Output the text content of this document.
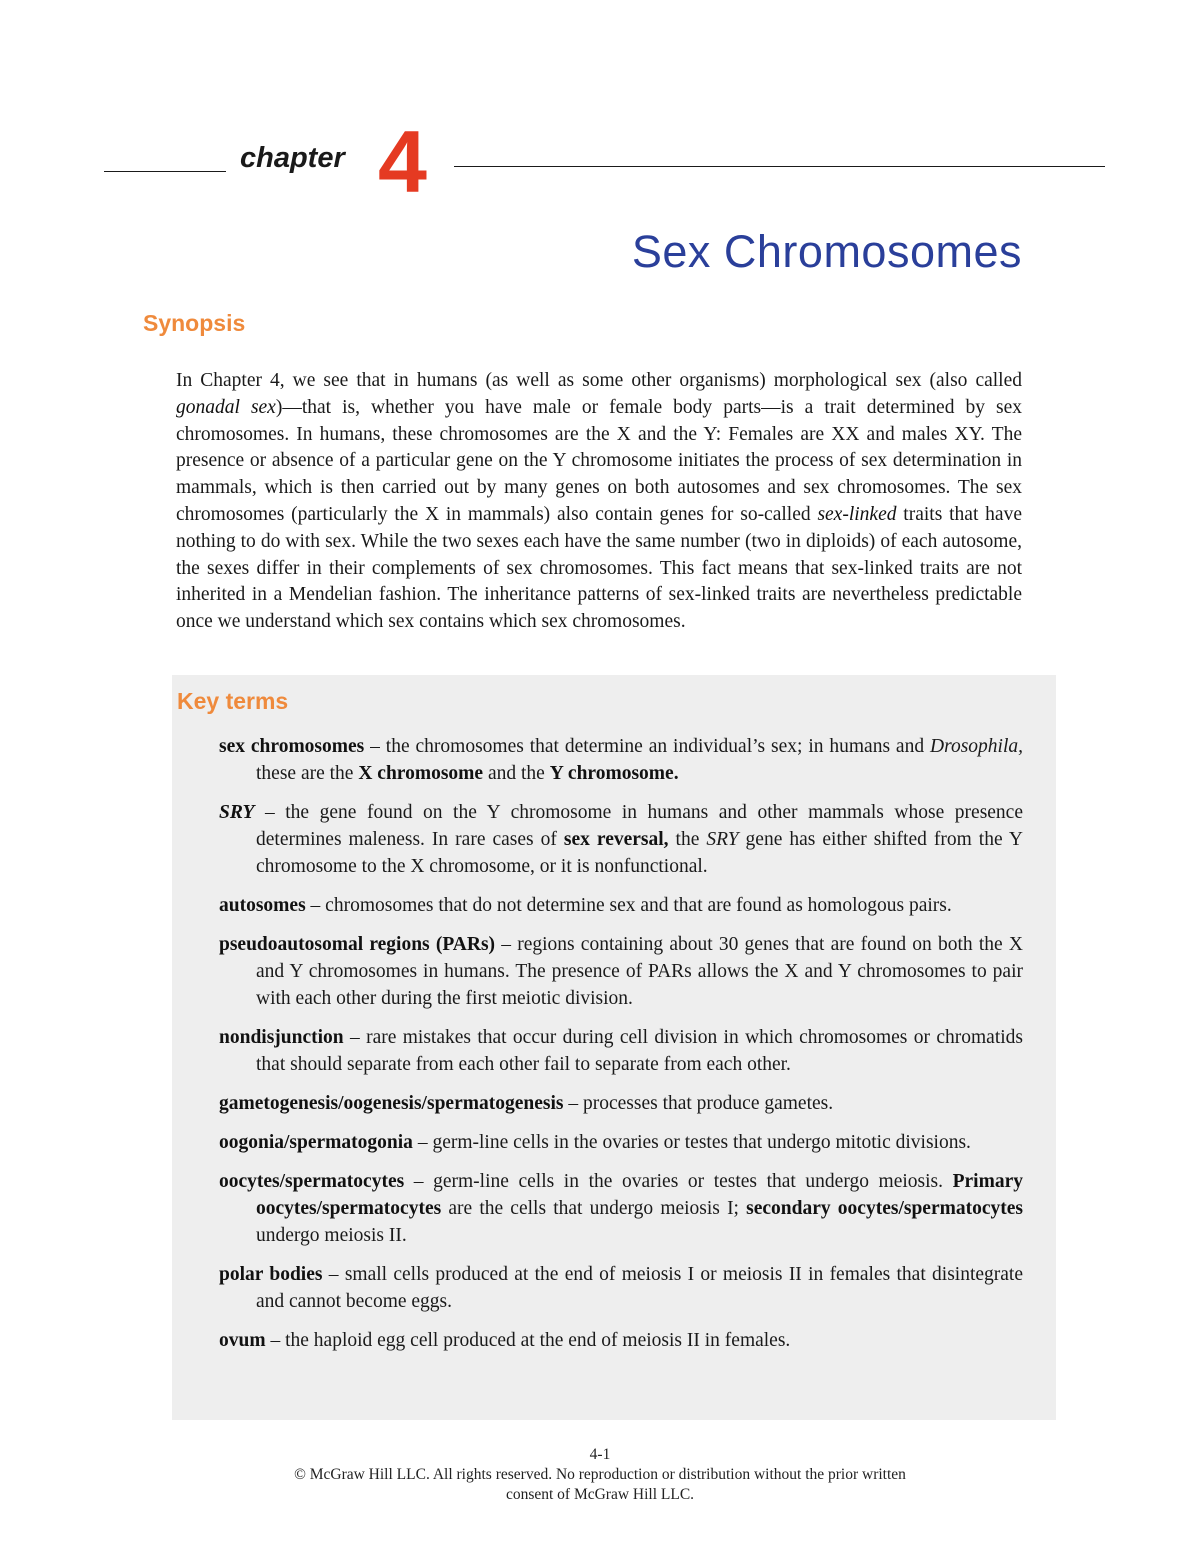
chapter 4
Sex Chromosomes
Synopsis

In Chapter 4, we see that in humans (as well as some other organisms) morphological sex (also called gonadal sex)—that is, whether you have male or female body parts—is a trait determined by sex chromosomes. In humans, these chromosomes are the X and the Y: Females are XX and males XY. The presence or absence of a particular gene on the Y chromosome initiates the process of sex determination in mammals, which is then carried out by many genes on both autosomes and sex chromosomes. The sex chromosomes (particularly the X in mammals) also contain genes for so-called sex-linked traits that have nothing to do with sex. While the two sexes each have the same number (two in diploids) of each autosome, the sexes differ in their complements of sex chromosomes. This fact means that sex-linked traits are not inherited in a Mendelian fashion. The inheritance patterns of sex-linked traits are nevertheless predictable once we understand which sex contains which sex chromosomes.

Key terms

sex chromosomes – the chromosomes that determine an individual’s sex; in humans and Drosophila, these are the X chromosome and the Y chromosome.

SRY – the gene found on the Y chromosome in humans and other mammals whose presence determines maleness. In rare cases of sex reversal, the SRY gene has either shifted from the Y chromosome to the X chromosome, or it is nonfunctional.

autosomes – chromosomes that do not determine sex and that are found as homologous pairs.

pseudoautosomal regions (PARs) – regions containing about 30 genes that are found on both the X and Y chromosomes in humans. The presence of PARs allows the X and Y chromosomes to pair with each other during the first meiotic division.

nondisjunction – rare mistakes that occur during cell division in which chromosomes or chromatids that should separate from each other fail to separate from each other.

gametogenesis/oogenesis/spermatogenesis – processes that produce gametes.

oogonia/spermatogonia – germ-line cells in the ovaries or testes that undergo mitotic divisions.

oocytes/spermatocytes – germ-line cells in the ovaries or testes that undergo meiosis. Primary oocytes/spermatocytes are the cells that undergo meiosis I; secondary oocytes/spermatocytes undergo meiosis II.

polar bodies – small cells produced at the end of meiosis I or meiosis II in females that disintegrate and cannot become eggs.

ovum – the haploid egg cell produced at the end of meiosis II in females.

4-1
© McGraw Hill LLC. All rights reserved. No reproduction or distribution without the prior written
consent of McGraw Hill LLC.
